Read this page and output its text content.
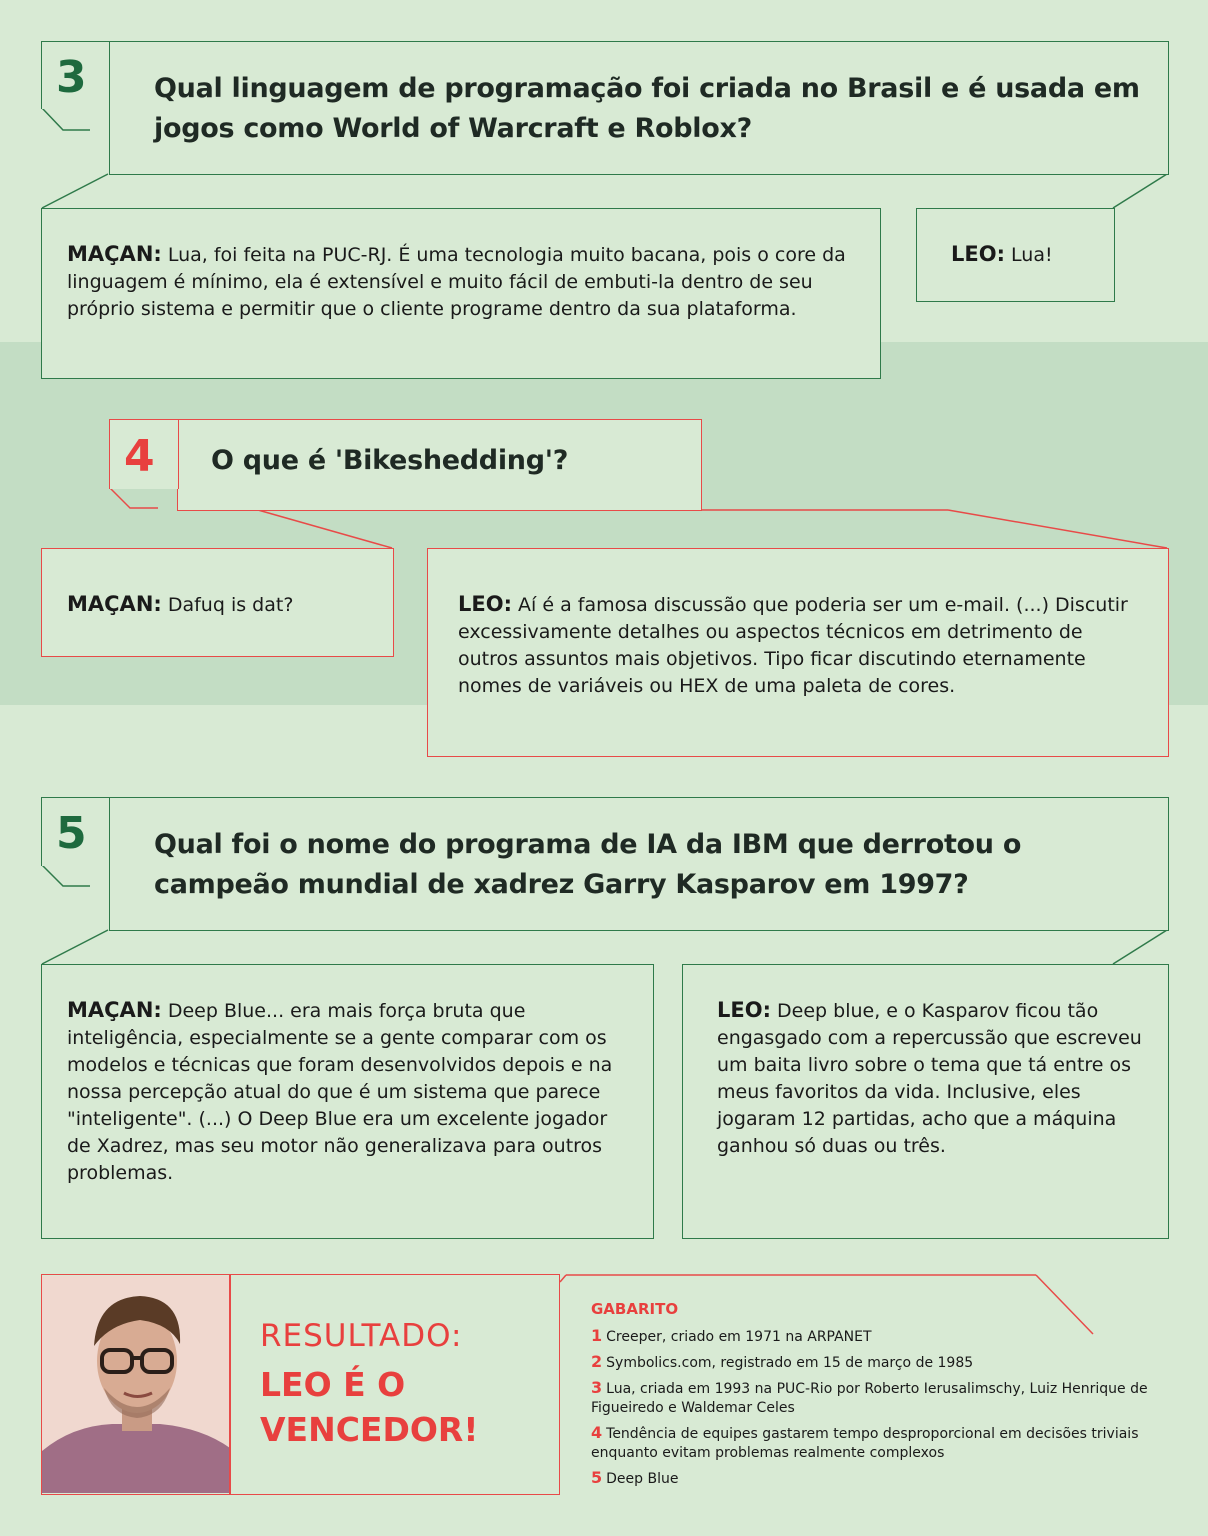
3 Qual linguagem de programação foi criada no Brasil e é usada em jogos como World of Warcraft e Roblox?
MAÇAN: Lua, foi feita na PUC-RJ. É uma tecnologia muito bacana, pois o core da linguagem é mínimo, ela é extensível e muito fácil de embuti-la dentro de seu próprio sistema e permitir que o cliente programe dentro da sua plataforma.
LEO: Lua!
4 O que é 'Bikeshedding'?
MAÇAN: Dafuq is dat?	LEO: Aí é a famosa discussão que poderia ser um e-mail. (...) Discutir excessivamente detalhes ou aspectos técnicos em detrimento de outros assuntos mais objetivos. Tipo ficar discutindo eternamente nomes de variáveis ou HEX de uma paleta de cores.
5 Qual foi o nome do programa de IA da IBM que derrotou o campeão mundial de xadrez Garry Kasparov em 1997?
MAÇAN: Deep Blue... era mais força bruta que inteligência, especialmente se a gente comparar com os modelos e técnicas que foram desenvolvidos depois e na nossa percepção atual do que é um sistema que parece "inteligente". (...) O Deep Blue era um excelente jogador de Xadrez, mas seu motor não generalizava para outros problemas.
LEO: Deep blue, e o Kasparov ficou tão engasgado com a repercussão que escreveu um baita livro sobre o tema que tá entre os meus favoritos da vida. Inclusive, eles jogaram 12 partidas, acho que a máquina ganhou só duas ou três.
RESULTADO:
LEO É O VENCEDOR!
GABARITO
1 Creeper, criado em 1971 na ARPANET
2 Symbolics.com, registrado em 15 de março de 1985
3 Lua, criada em 1993 na PUC-Rio por Roberto Ierusalimschy, Luiz Henrique de Figueiredo e Waldemar Celes
4 Tendência de equipes gastarem tempo desproporcional em decisões triviais enquanto evitam problemas realmente complexos
5 Deep Blue
